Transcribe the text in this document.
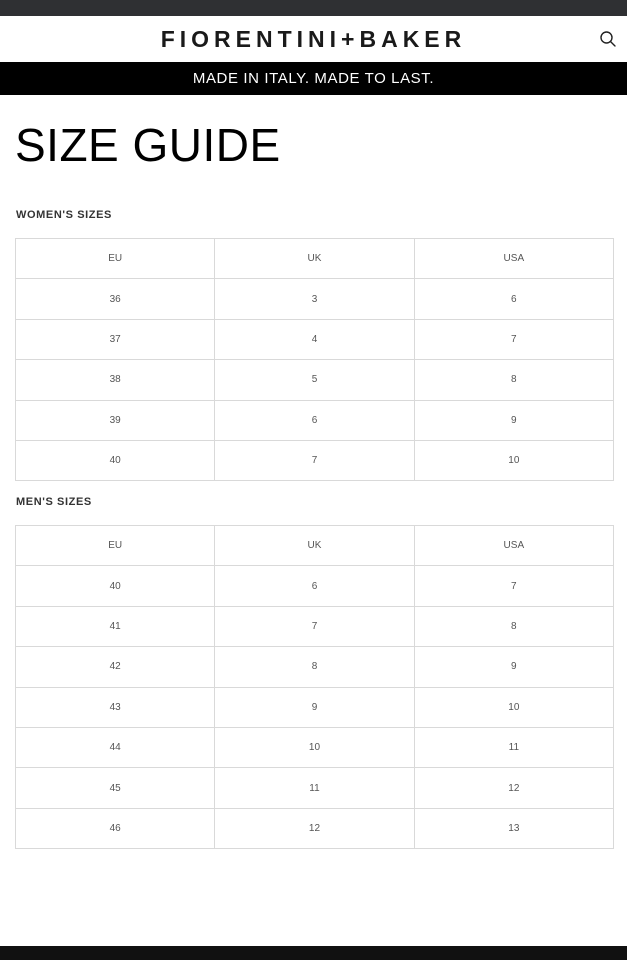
FIORENTINI+BAKER
MADE IN ITALY. MADE TO LAST.
SIZE GUIDE
WOMEN'S SIZES
EU	UK	USA
36	3	6
37	4	7
38	5	8
39	6	9
40	7	10
MEN'S SIZES
EU	UK	USA
40	6	7
41	7	8
42	8	9
43	9	10
44	10	11
45	11	12
46	12	13
